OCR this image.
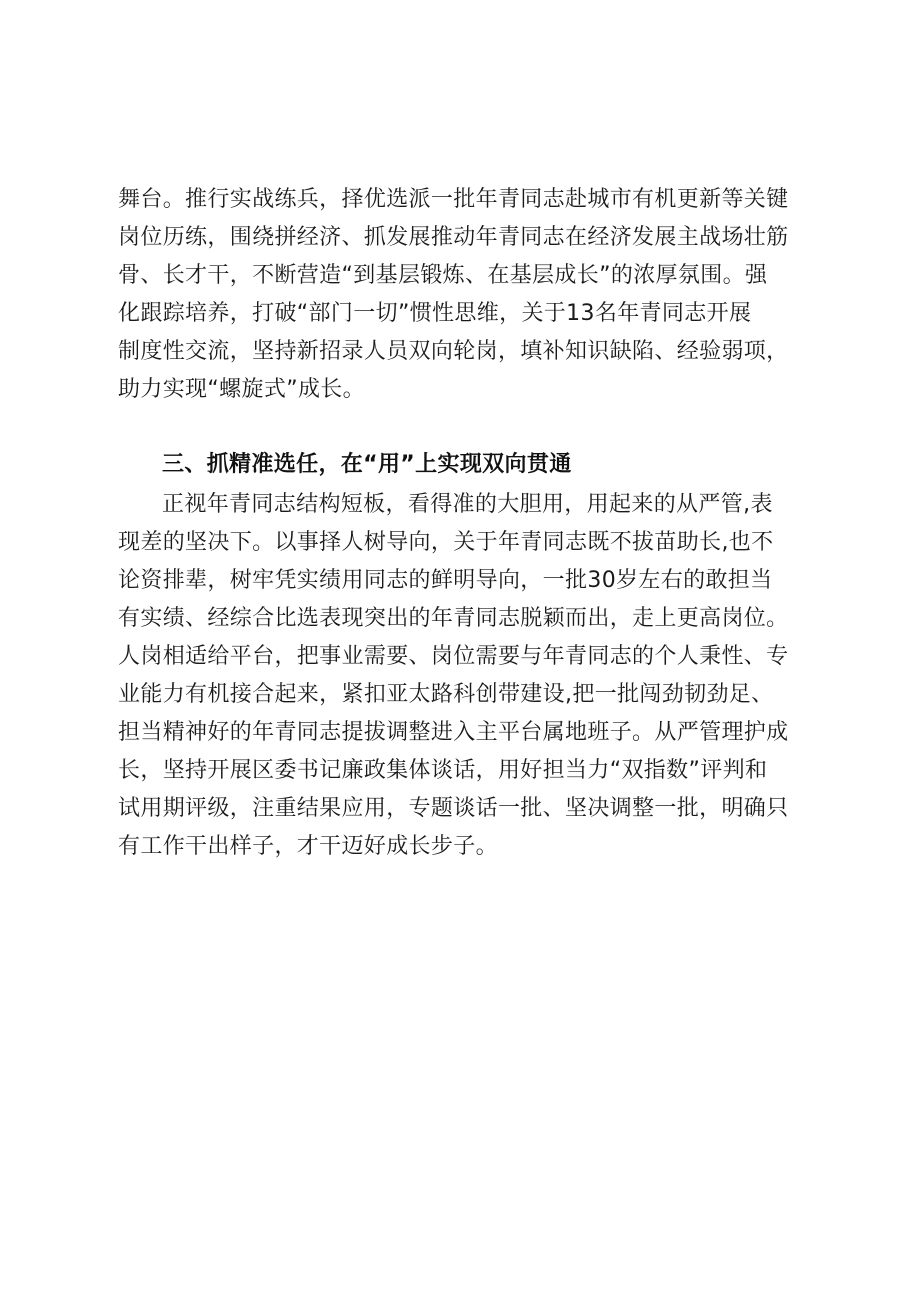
舞台。推行实战练兵，择优选派一批年青同志赴城市有机更新等关键
岗位历练，围绕拼经济、抓发展推动年青同志在经济发展主战场壮筋
骨、长才干，不断营造“到基层锻炼、在基层成长”的浓厚氛围。强
化跟踪培养，打破“部门一切”惯性思维，关于13名年青同志开展
制度性交流，坚持新招录人员双向轮岗，填补知识缺陷、经验弱项，
助力实现“螺旋式”成长。
三、抓精准选任，在“用”上实现双向贯通
正视年青同志结构短板，看得准的大胆用，用起来的从严管,表
现差的坚决下。以事择人树导向，关于年青同志既不拔苗助长,也不
论资排辈，树牢凭实绩用同志的鲜明导向，一批30岁左右的敢担当
有实绩、经综合比选表现突出的年青同志脱颖而出，走上更高岗位。
人岗相适给平台，把事业需要、岗位需要与年青同志的个人秉性、专
业能力有机接合起来，紧扣亚太路科创带建设,把一批闯劲韧劲足、
担当精神好的年青同志提拔调整进入主平台属地班子。从严管理护成
长，坚持开展区委书记廉政集体谈话，用好担当力“双指数”评判和
试用期评级，注重结果应用，专题谈话一批、坚决调整一批，明确只
有工作干出样子，才干迈好成长步子。
